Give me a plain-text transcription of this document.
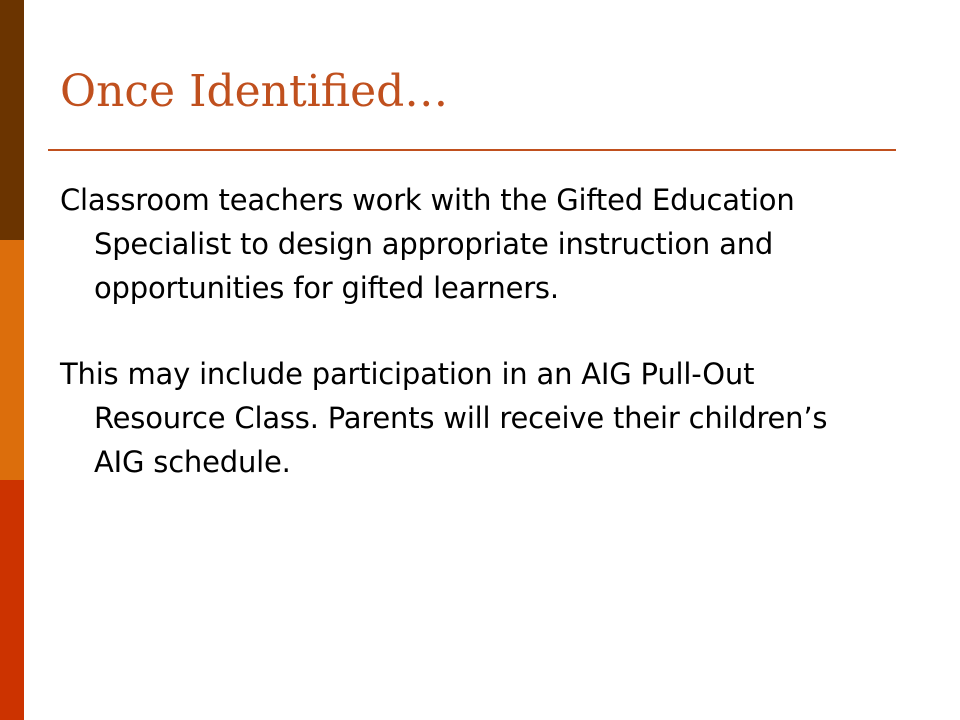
Once Identified…

Classroom teachers work with the Gifted Education Specialist to design appropriate instruction and opportunities for gifted learners.

This may include participation in an AIG Pull-Out Resource Class. Parents will receive their children’s AIG schedule.
